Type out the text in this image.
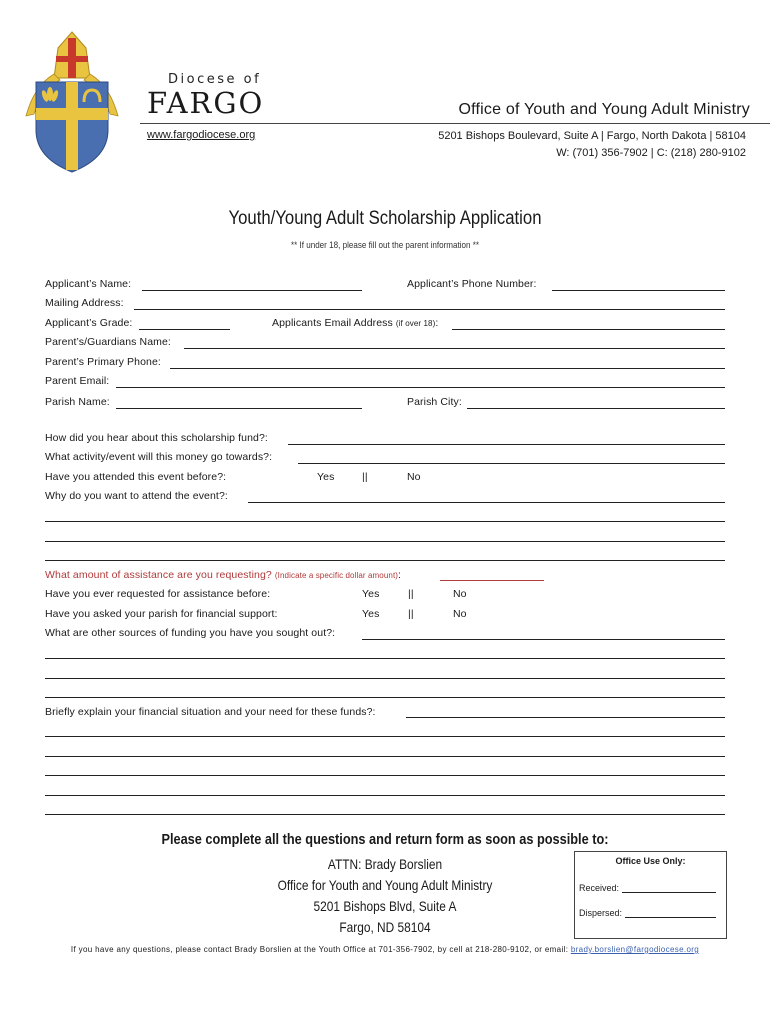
Diocese of
FARGO
www.fargodiocese.org
Office of Youth and Young Adult Ministry
5201 Bishops Boulevard, Suite A | Fargo, North Dakota | 58104
W: (701) 356-7902 | C: (218) 280-9102
Youth/Young Adult Scholarship Application
** If under 18, please fill out the parent information **
Applicant’s Name:	Applicant’s Phone Number:
Mailing Address:
Applicant’s Grade:	Applicants Email Address (if over 18):
Parent’s/Guardians Name:
Parent’s Primary Phone:
Parent Email:
Parish Name:	Parish City:
How did you hear about this scholarship fund?:
What activity/event will this money go towards?:
Have you attended this event before?:	Yes	||	No
Why do you want to attend the event?:
What amount of assistance are you requesting? (Indicate a specific dollar amount):
Have you ever requested for assistance before:	Yes	||	No
Have you asked your parish for financial support:	Yes	||	No
What are other sources of funding you have you sought out?:
Briefly explain your financial situation and your need for these funds?:
Please complete all the questions and return form as soon as possible to:
ATTN: Brady Borslien
Office for Youth and Young Adult Ministry
5201 Bishops Blvd, Suite A
Fargo, ND 58104
Office Use Only:
Received:
Dispersed:
If you have any questions, please contact Brady Borslien at the Youth Office at 701-356-7902, by cell at 218-280-9102, or email: brady.borslien@fargodiocese.org
